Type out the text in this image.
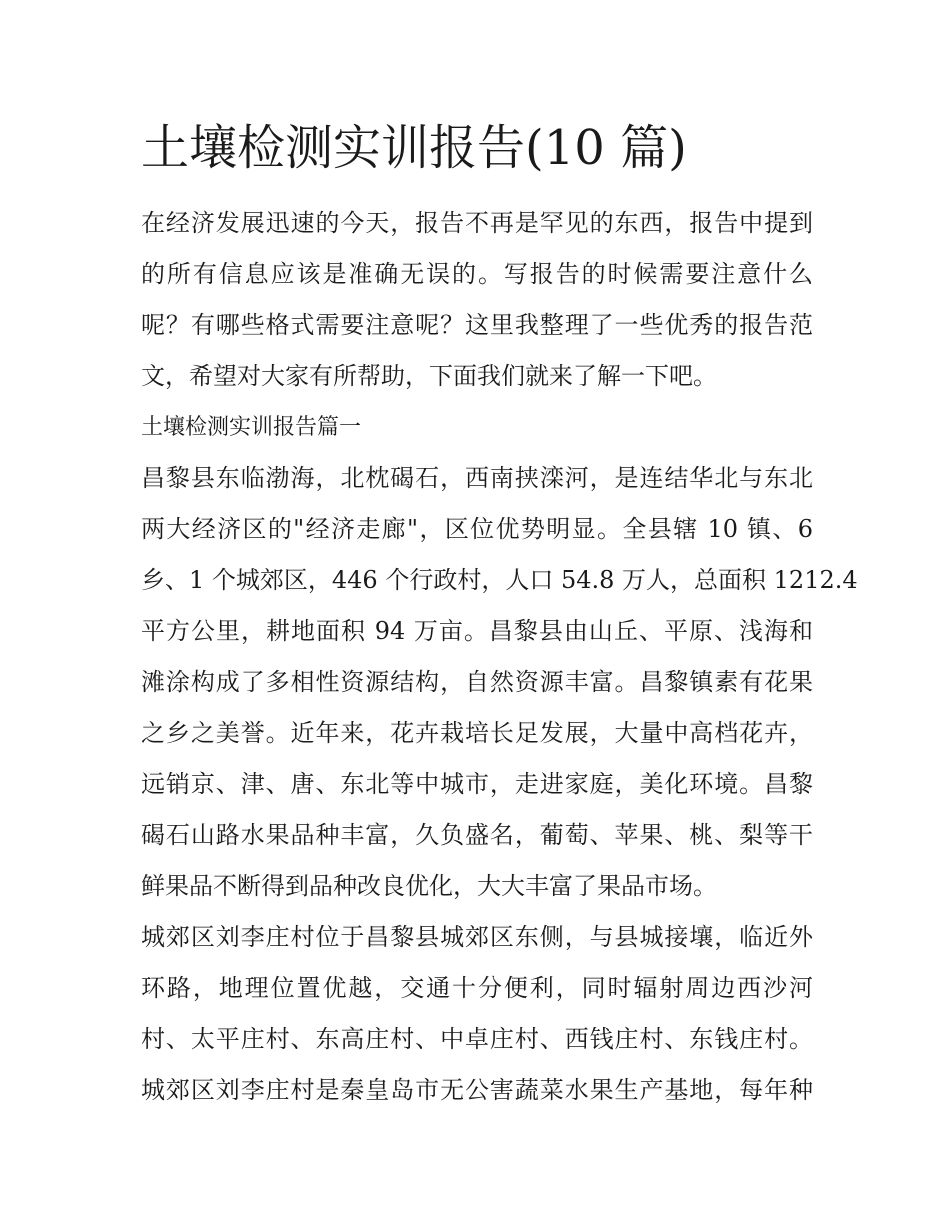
土壤检测实训报告(10 篇)

在经济发展迅速的今天，报告不再是罕见的东西，报告中提到
的所有信息应该是准确无误的。写报告的时候需要注意什么
呢？有哪些格式需要注意呢？这里我整理了一些优秀的报告范
文，希望对大家有所帮助，下面我们就来了解一下吧。

土壤检测实训报告篇一

昌黎县东临渤海，北枕碣石，西南挟滦河，是连结华北与东北
两大经济区的"经济走廊"，区位优势明显。全县辖 10 镇、6
乡、1 个城郊区，446 个行政村，人口 54.8 万人，总面积 1212.4
平方公里，耕地面积 94 万亩。昌黎县由山丘、平原、浅海和
滩涂构成了多相性资源结构，自然资源丰富。昌黎镇素有花果
之乡之美誉。近年来，花卉栽培长足发展，大量中高档花卉，
远销京、津、唐、东北等中城市，走进家庭，美化环境。昌黎
碣石山路水果品种丰富，久负盛名，葡萄、苹果、桃、梨等干
鲜果品不断得到品种改良优化，大大丰富了果品市场。

城郊区刘李庄村位于昌黎县城郊区东侧，与县城接壤，临近外
环路，地理位置优越，交通十分便利，同时辐射周边西沙河
村、太平庄村、东高庄村、中卓庄村、西钱庄村、东钱庄村。
城郊区刘李庄村是秦皇岛市无公害蔬菜水果生产基地，每年种
